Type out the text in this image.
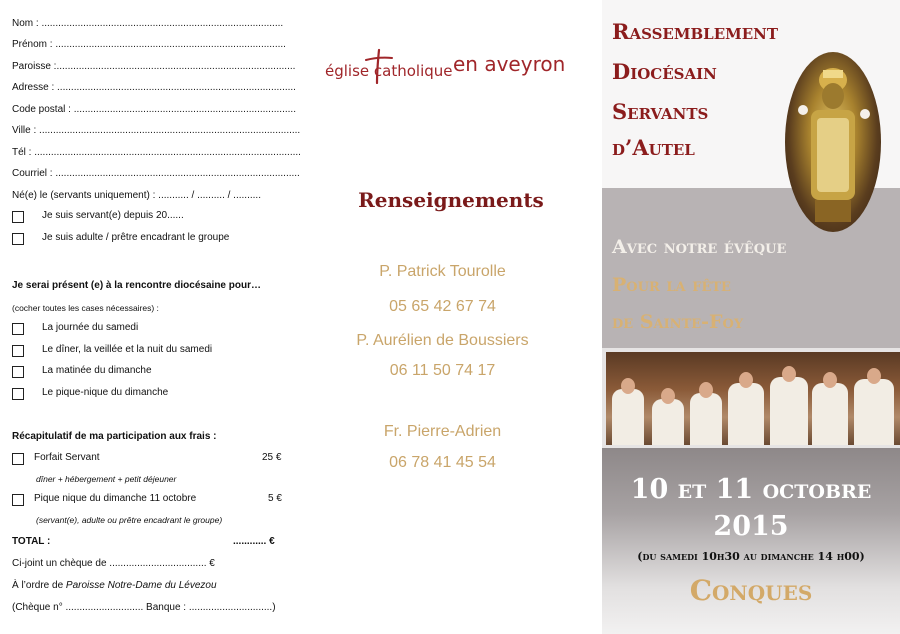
Nom : .......................................................................................
Prénom : ...................................................................................
Paroisse :......................................................................................
Adresse : ......................................................................................
Code postal : ................................................................................
Ville : ..............................................................................................
Tél : ................................................................................................
Courriel : ........................................................................................
Né(e) le (servants uniquement) : ........... / .......... / ..........
Je suis servant(e) depuis 20......
Je suis adulte / prêtre encadrant le groupe
Je serai présent (e) à la rencontre diocésaine pour…
(cocher toutes les cases nécessaires) :
La journée du samedi
Le dîner, la veillée et la nuit du samedi
La matinée du dimanche
Le pique-nique du dimanche
Récapitulatif de ma participation aux frais :
Forfait Servant	25 €
dîner + hébergement + petit déjeuner
Pique nique du dimanche 11 octobre	5 €
(servant(e), adulte ou prêtre encadrant le groupe)
TOTAL :	............ €
Ci-joint un chèque de ................................... €
À l’ordre de Paroisse Notre-Dame du Lévezou
(Chèque n° ............................ Banque : ..............................)
église catholique en aveyron
Renseignements
P. Patrick Tourolle
05 65 42 67 74
P. Aurélien de Boussiers
06 11 50 74 17
Fr. Pierre-Adrien
06 78 41 45 54
Rassemblement
Diocésain
Servants
d’Autel
Avec notre évêque
Pour la fête
de Sainte-Foy
10 et 11 octobre
2015
(du samedi 10h30 au dimanche 14 h00)
Conques
